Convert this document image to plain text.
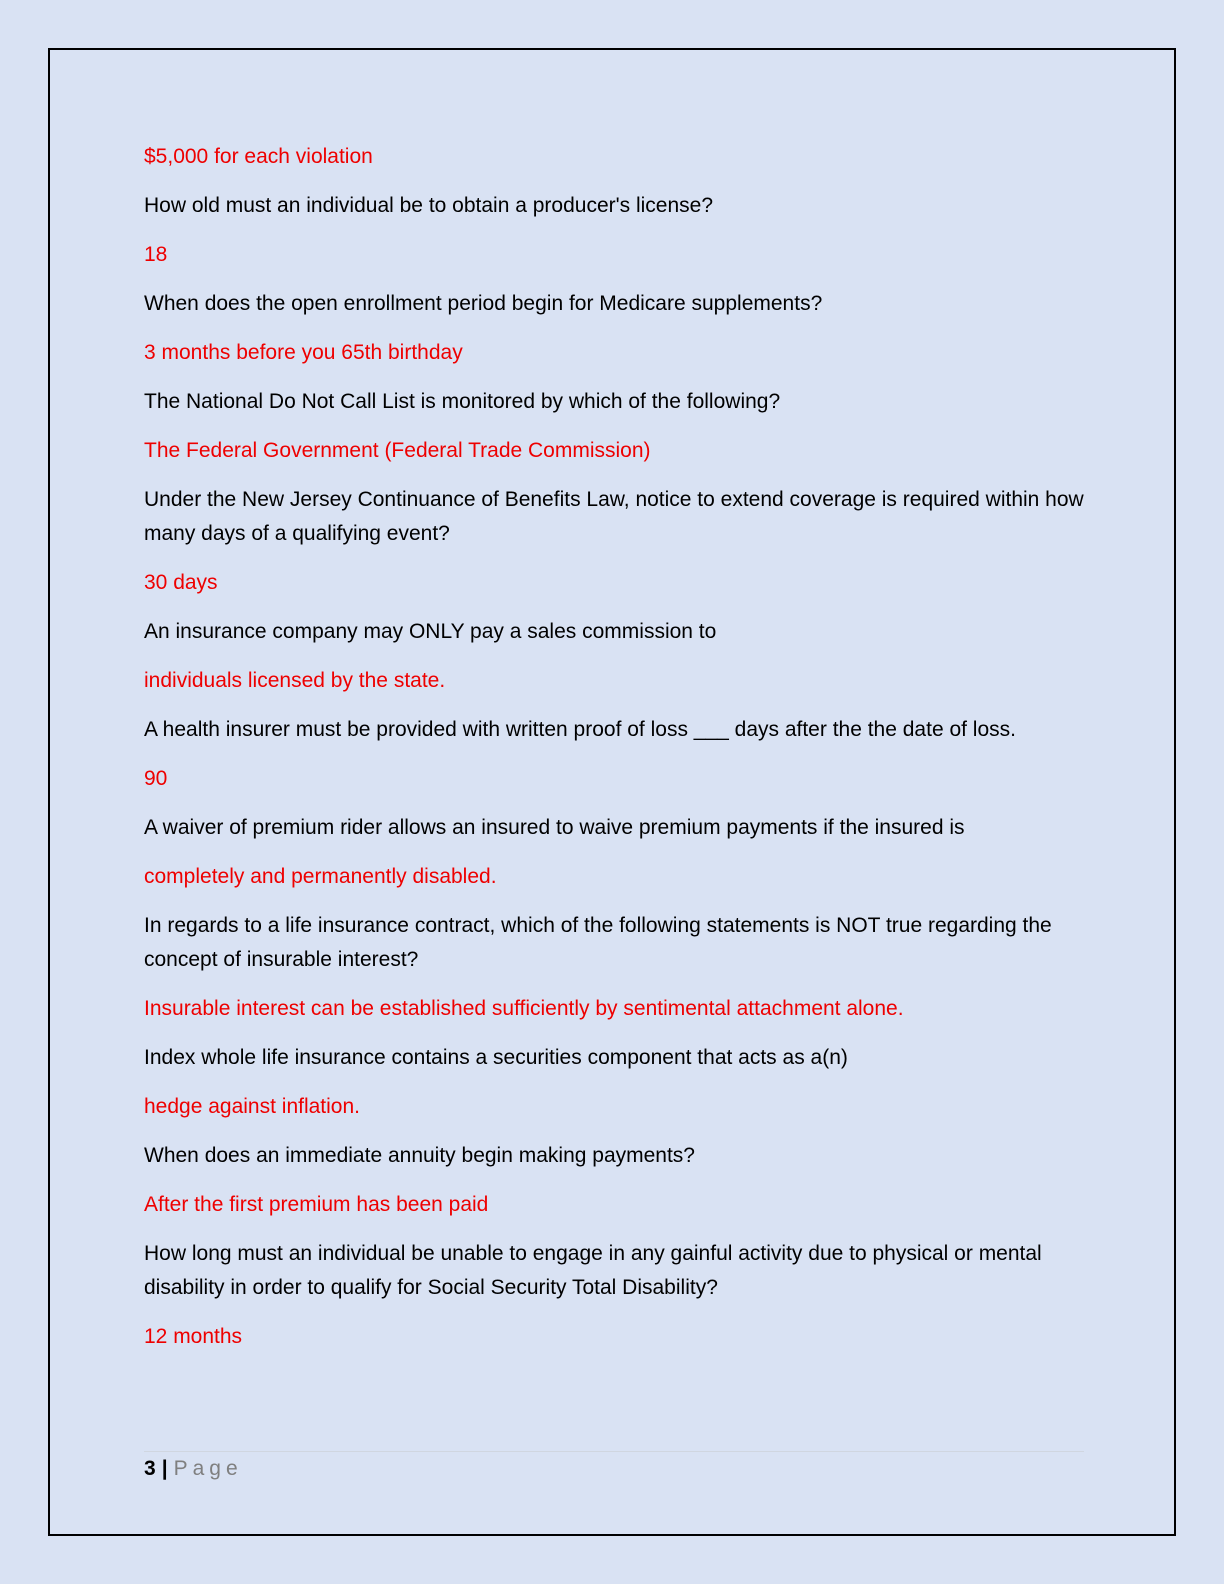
$5,000 for each violation

How old must an individual be to obtain a producer's license?

18

When does the open enrollment period begin for Medicare supplements?

3 months before you 65th birthday

The National Do Not Call List is monitored by which of the following?

The Federal Government (Federal Trade Commission)

Under the New Jersey Continuance of Benefits Law, notice to extend coverage is required within how many days of a qualifying event?

30 days

An insurance company may ONLY pay a sales commission to

individuals licensed by the state.

A health insurer must be provided with written proof of loss ___ days after the the date of loss.

90

A waiver of premium rider allows an insured to waive premium payments if the insured is

completely and permanently disabled.

In regards to a life insurance contract, which of the following statements is NOT true regarding the concept of insurable interest?

Insurable interest can be established sufficiently by sentimental attachment alone.

Index whole life insurance contains a securities component that acts as a(n)

hedge against inflation.

When does an immediate annuity begin making payments?

After the first premium has been paid

How long must an individual be unable to engage in any gainful activity due to physical or mental disability in order to qualify for Social Security Total Disability?

12 months

3 | Page
